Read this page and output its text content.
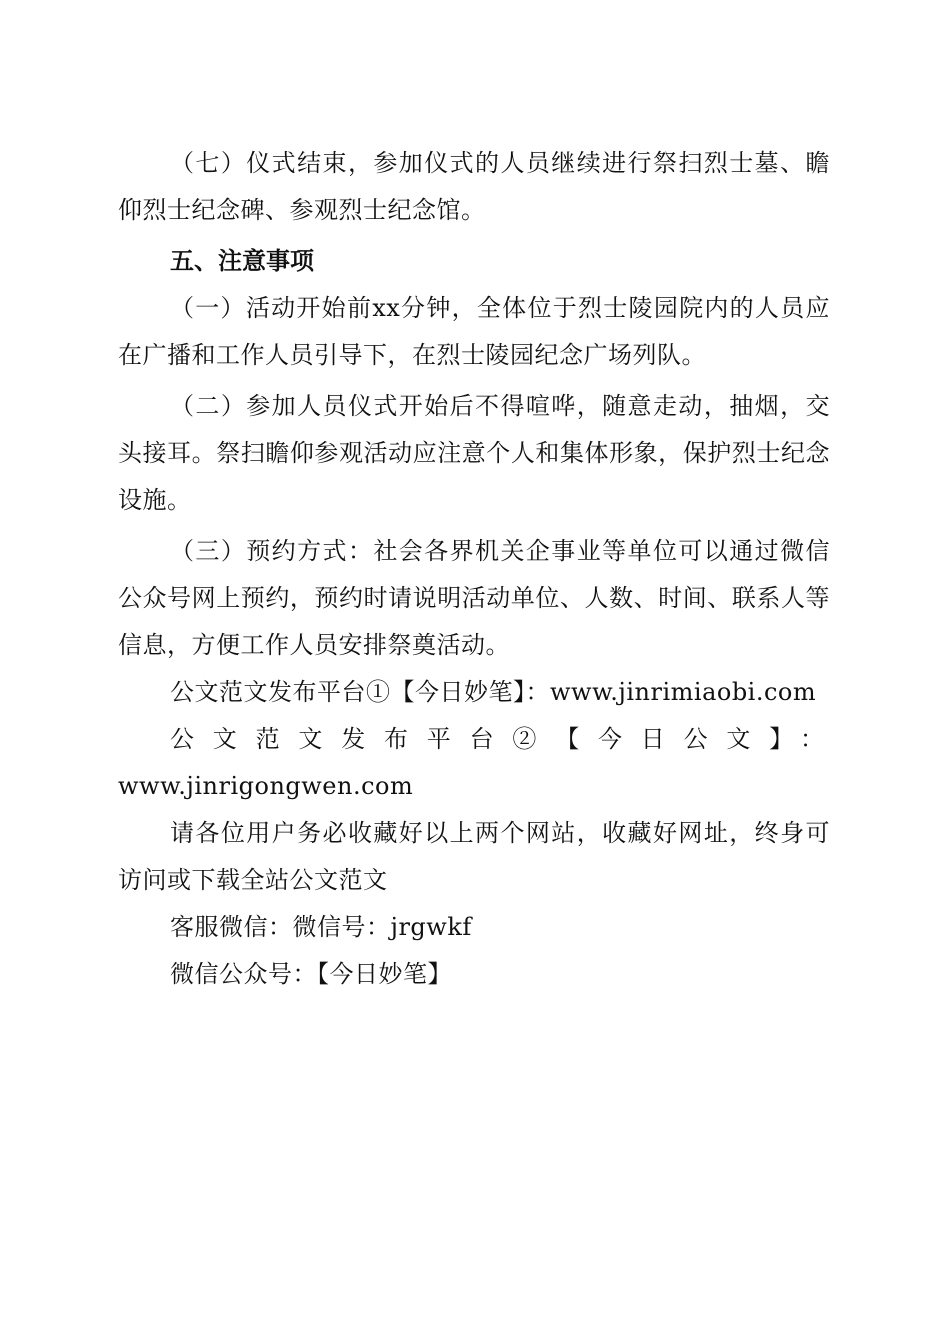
（七）仪式结束，参加仪式的人员继续进行祭扫烈士墓、瞻仰烈士纪念碑、参观烈士纪念馆。

五、注意事项

（一）活动开始前xx分钟，全体位于烈士陵园院内的人员应在广播和工作人员引导下，在烈士陵园纪念广场列队。

（二）参加人员仪式开始后不得喧哗，随意走动，抽烟，交头接耳。祭扫瞻仰参观活动应注意个人和集体形象，保护烈士纪念设施。

（三）预约方式：社会各界机关企事业等单位可以通过微信公众号网上预约，预约时请说明活动单位、人数、时间、联系人等信息，方便工作人员安排祭奠活动。

公文范文发布平台①【今日妙笔】：www.jinrimiaobi.com

公文范文发布平台②【今日公文】：

www.jinrigongwen.com

请各位用户务必收藏好以上两个网站，收藏好网址，终身可访问或下载全站公文范文

客服微信：微信号：jrgwkf

微信公众号：【今日妙笔】
